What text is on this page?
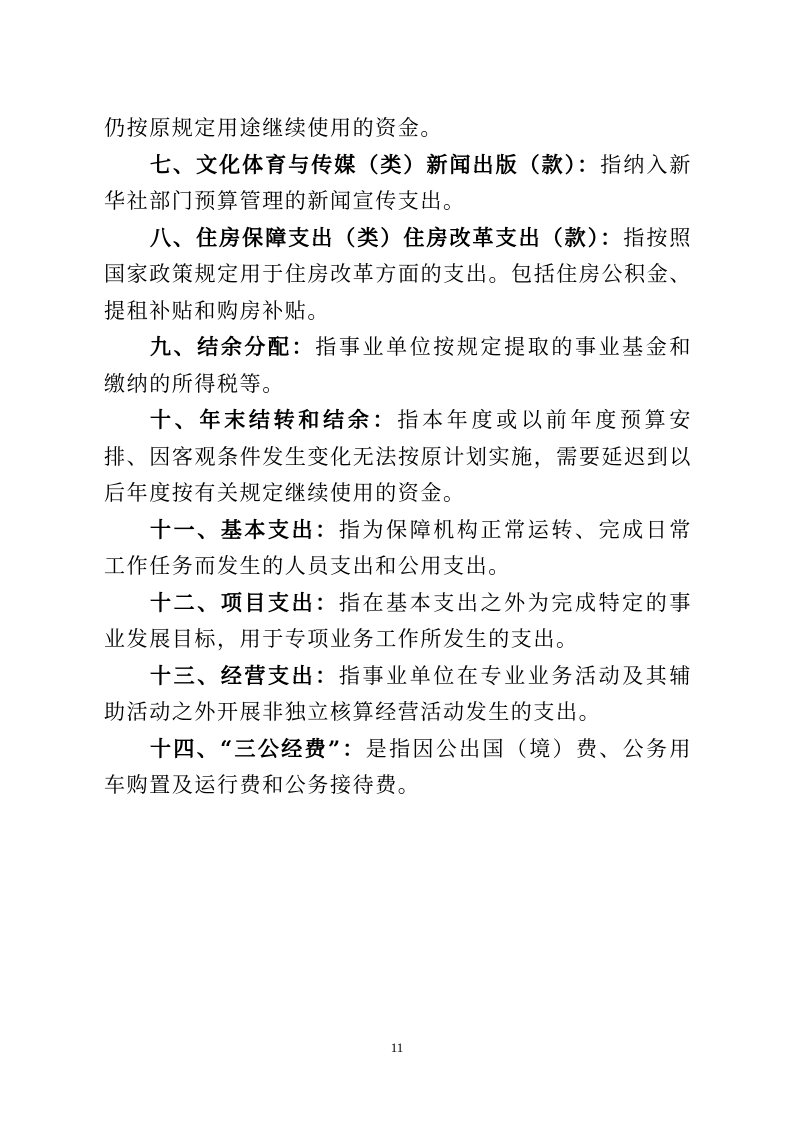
仍按原规定用途继续使用的资金。

七、文化体育与传媒（类）新闻出版（款）：指纳入新华社部门预算管理的新闻宣传支出。

八、住房保障支出（类）住房改革支出（款）：指按照国家政策规定用于住房改革方面的支出。包括住房公积金、提租补贴和购房补贴。

九、结余分配：指事业单位按规定提取的事业基金和缴纳的所得税等。

十、年末结转和结余：指本年度或以前年度预算安排、因客观条件发生变化无法按原计划实施，需要延迟到以后年度按有关规定继续使用的资金。

十一、基本支出：指为保障机构正常运转、完成日常工作任务而发生的人员支出和公用支出。

十二、项目支出：指在基本支出之外为完成特定的事业发展目标，用于专项业务工作所发生的支出。

十三、经营支出：指事业单位在专业业务活动及其辅助活动之外开展非独立核算经营活动发生的支出。

十四、“三公经费”：是指因公出国（境）费、公务用车购置及运行费和公务接待费。

11
